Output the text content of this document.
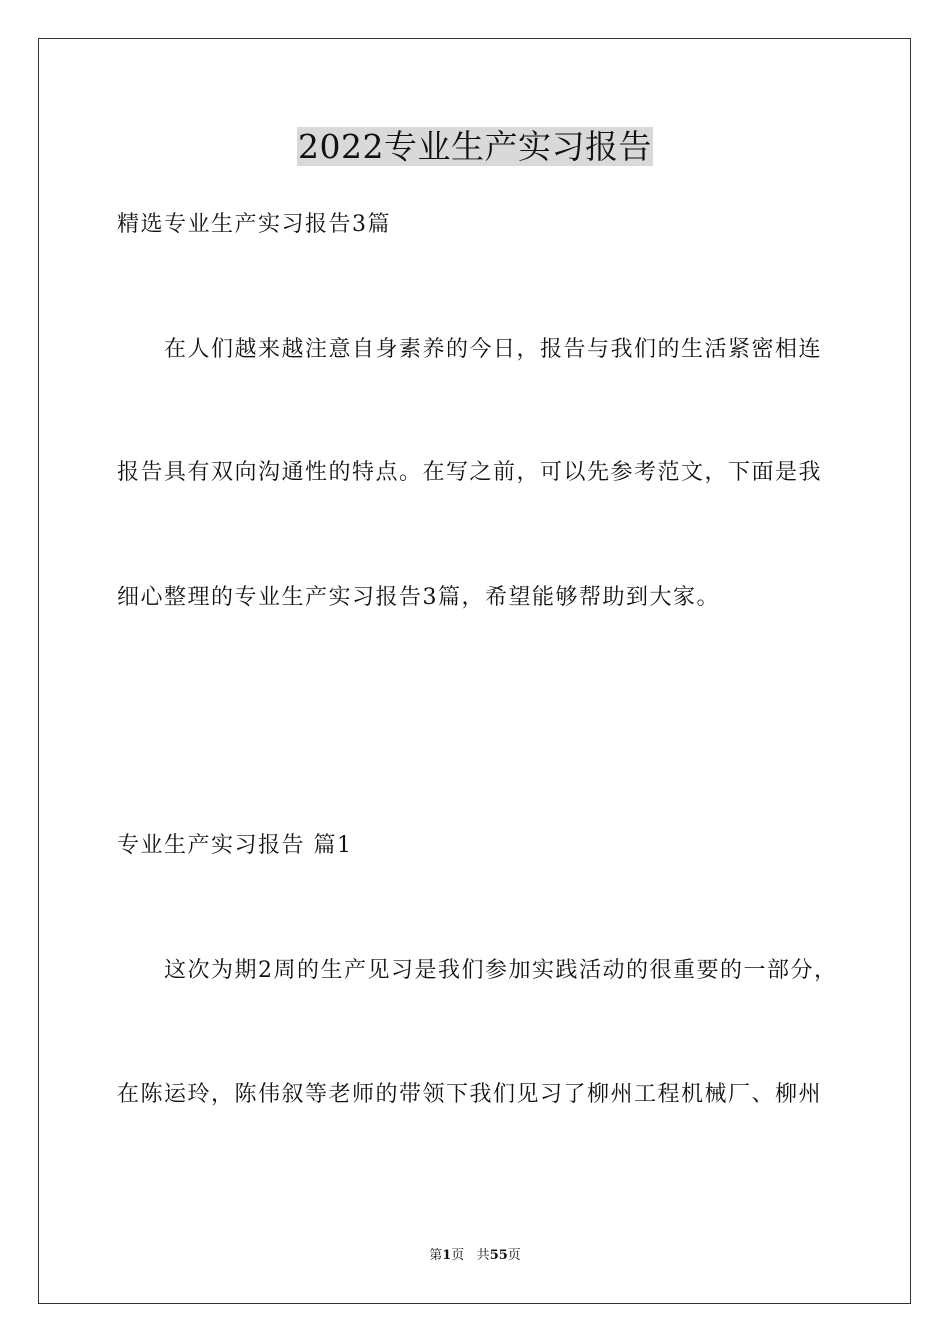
2022专业生产实习报告
精选专业生产实习报告3篇
在人们越来越注意自身素养的今日，报告与我们的生活紧密相连
报告具有双向沟通性的特点。在写之前，可以先参考范文，下面是我
细心整理的专业生产实习报告3篇，希望能够帮助到大家。
专业生产实习报告 篇1
这次为期2周的生产见习是我们参加实践活动的很重要的一部分，
在陈运玲，陈伟叙等老师的带领下我们见习了柳州工程机械厂、柳州
第1页 共55页
